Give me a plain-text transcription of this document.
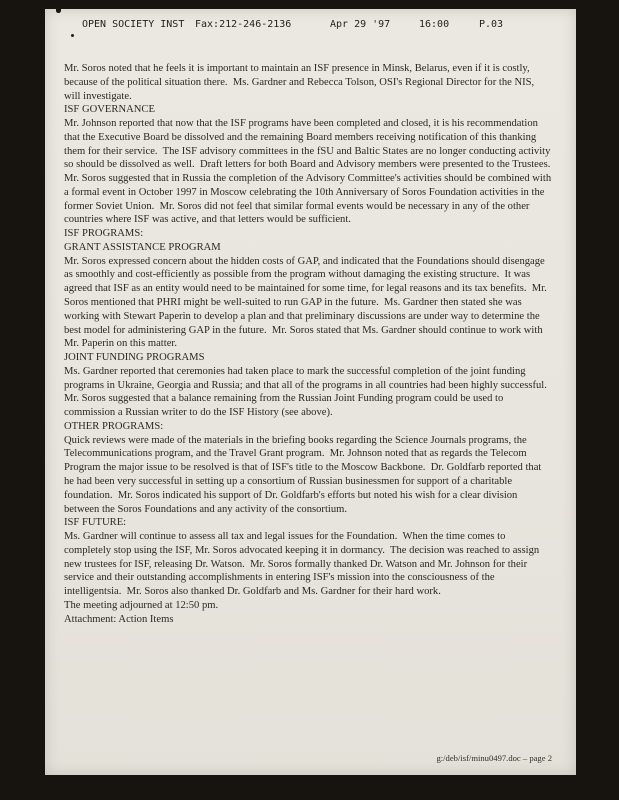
OPEN SOCIETY INST Fax:212-246-2136	Apr 29 '97	16:00	P.03

Mr. Soros noted that he feels it is important to maintain an ISF presence in Minsk, Belarus, even if it is costly, because of the political situation there.  Ms. Gardner and Rebecca Tolson, OSI's Regional Director for the NIS, will investigate.

ISF GOVERNANCE

Mr. Johnson reported that now that the ISF programs have been completed and closed, it is his recommendation that the Executive Board be dissolved and the remaining Board members receiving notification of this thanking them for their service.  The ISF advisory committees in the fSU and Baltic States are no longer conducting activity so should be dissolved as well.  Draft letters for both Board and Advisory members were presented to the Trustees.  Mr. Soros suggested that in Russia the completion of the Advisory Committee's activities should be combined with a formal event in October 1997 in Moscow celebrating the 10th Anniversary of Soros Foundation activities in the former Soviet Union.  Mr. Soros did not feel that similar formal events would be necessary in any of the other countries where ISF was active, and that letters would be sufficient.

ISF PROGRAMS:
GRANT ASSISTANCE PROGRAM

Mr. Soros expressed concern about the hidden costs of GAP, and indicated that the Foundations should disengage as smoothly and cost-efficiently as possible from the program without damaging the existing structure.  It was agreed that ISF as an entity would need to be maintained for some time, for legal reasons and its tax benefits.  Mr. Soros mentioned that PHRI might be well-suited to run GAP in the future.  Ms. Gardner then stated she was working with Stewart Paperin to develop a plan and that preliminary discussions are under way to determine the best model for administering GAP in the future.  Mr. Soros stated that Ms. Gardner should continue to work with Mr. Paperin on this matter.

JOINT FUNDING PROGRAMS

Ms. Gardner reported that ceremonies had taken place to mark the successful completion of the joint funding programs in Ukraine, Georgia and Russia; and that all of the programs in all countries had been highly successful.  Mr. Soros suggested that a balance remaining from the Russian Joint Funding program could be used to commission a Russian writer to do the ISF History (see above).

OTHER PROGRAMS:

Quick reviews were made of the materials in the briefing books regarding the Science Journals programs, the Telecommunications program, and the Travel Grant program.  Mr. Johnson noted that as regards the Telecom Program the major issue to be resolved is that of ISF's title to the Moscow Backbone.  Dr. Goldfarb reported that he had been very successful in setting up a consortium of Russian businessmen for support of a charitable foundation.  Mr. Soros indicated his support of Dr. Goldfarb's efforts but noted his wish for a clear division between the Soros Foundations and any activity of the consortium.

ISF FUTURE:

Ms. Gardner will continue to assess all tax and legal issues for the Foundation.  When the time comes to completely stop using the ISF, Mr. Soros advocated keeping it in dormancy.  The decision was reached to assign new trustees for ISF, releasing Dr. Watson.  Mr. Soros formally thanked Dr. Watson and Mr. Johnson for their service and their outstanding accomplishments in entering ISF's mission into the consciousness of the intelligentsia.  Mr. Soros also thanked Dr. Goldfarb and Ms. Gardner for their hard work.

The meeting adjourned at 12:50 pm.

Attachment: Action Items

g:/deb/isf/minu0497.doc – page 2
